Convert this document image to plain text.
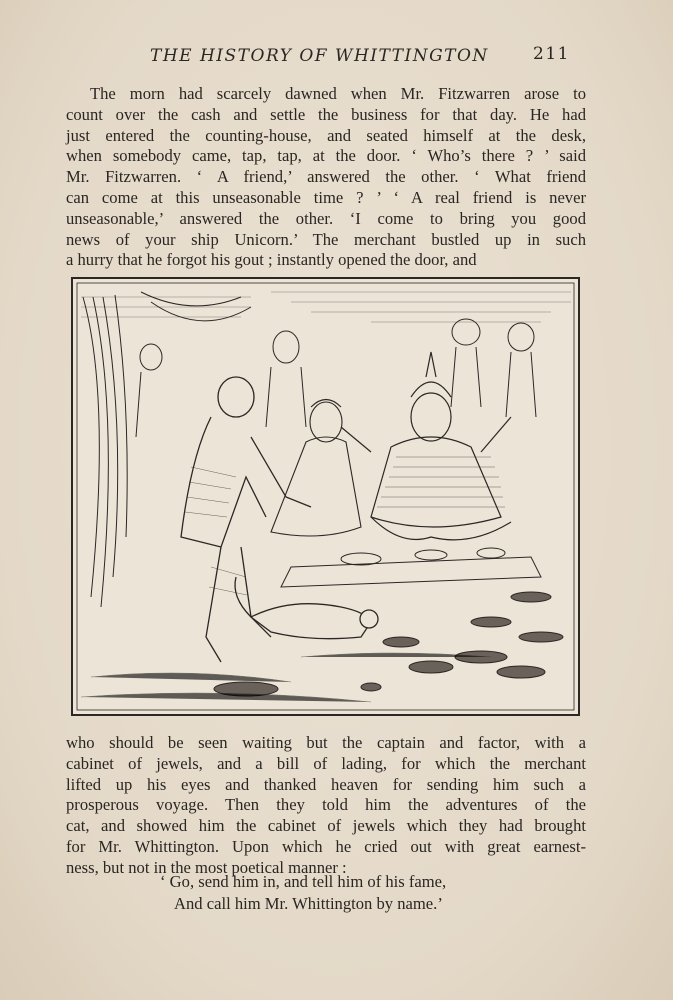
THE HISTORY OF WHITTINGTON	211
The morn had scarcely dawned when Mr. Fitzwarren arose to
count over the cash and settle the business for that day. He had
just entered the counting-house, and seated himself at the desk,
when somebody came, tap, tap, at the door. ‘ Who’s there ? ’ said
Mr. Fitzwarren. ‘ A friend,’ answered the other. ‘ What friend
can come at this unseasonable time ? ’ ‘ A real friend is never
unseasonable,’ answered the other. ‘I come to bring you good
news of your ship Unicorn.’ The merchant bustled up in such
a hurry that he forgot his gout ; instantly opened the door, and
who should be seen waiting but the captain and factor, with a
cabinet of jewels, and a bill of lading, for which the merchant
lifted up his eyes and thanked heaven for sending him such a
prosperous voyage. Then they told him the adventures of the
cat, and showed him the cabinet of jewels which they had brought
for Mr. Whittington. Upon which he cried out with great earnest-
ness, but not in the most poetical manner :
‘ Go, send him in, and tell him of his fame,
And call him Mr. Whittington by name.’
